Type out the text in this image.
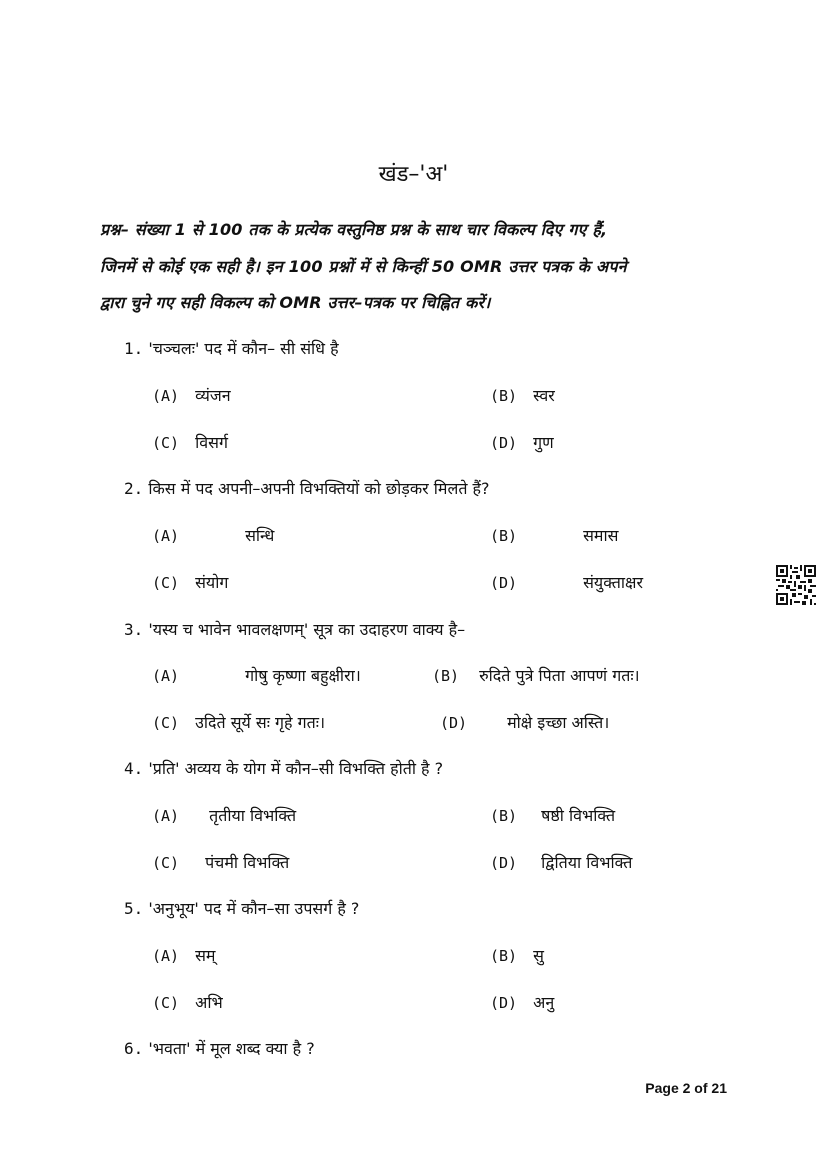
खंड–'अ'
प्रश्न– संख्या 1 से 100 तक के प्रत्येक वस्तुनिष्ठ प्रश्न के साथ चार विकल्प दिए गए हैं,
जिनमें से कोई एक सही है। इन 100 प्रश्नों में से किन्हीं 50 OMR उत्तर पत्रक के अपने
द्वारा चुने गए सही विकल्प को OMR उत्तर–पत्रक पर चिह्नित करें।
1. 'चञ्चलः' पद में कौन– सी संधि है
(A) व्यंजन	(B) स्वर
(C) विसर्ग	(D) गुण
2. किस में पद अपनी–अपनी विभक्तियों को छोड़कर मिलते हैं?
(A)	सन्धि	(B)	समास
(C) संयोग	(D)	संयुक्ताक्षर
3. 'यस्य च भावेन भावलक्षणम्' सूत्र का उदाहरण वाक्य है–
(A)	गोषु कृष्णा बहुक्षीरा।	(B) रुदिते पुत्रे पिता आपणं गतः।
(C) उदिते सूर्ये सः गृहे गतः।	(D)	मोक्षे इच्छा अस्ति।
4. 'प्रति' अव्यय के योग में कौन–सी विभक्ति होती है ?
(A) तृतीया विभक्ति	(B) षष्ठी विभक्ति
(C) पंचमी विभक्ति	(D) द्वितिया विभक्ति
5. 'अनुभूय' पद में कौन–सा उपसर्ग है ?
(A) सम्	(B) सु
(C) अभि	(D) अनु
6. 'भवता' में मूल शब्द क्या है ?
Page 2 of 21
